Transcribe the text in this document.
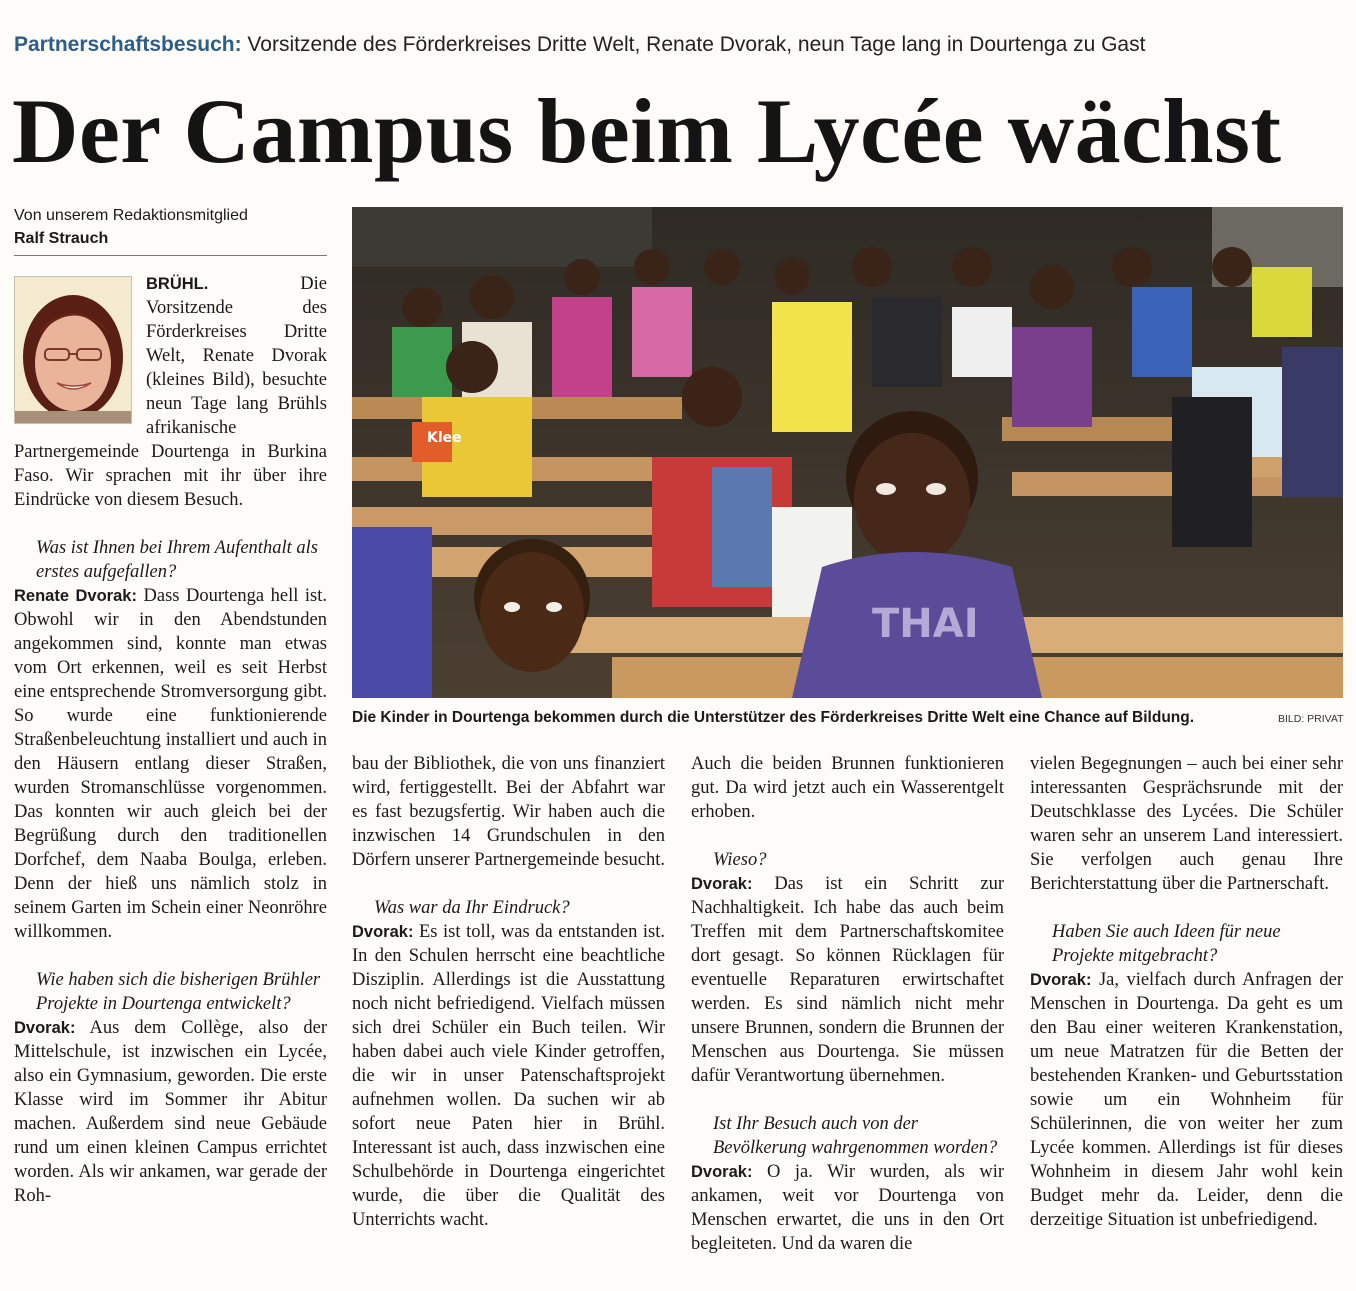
Partnerschaftsbesuch: Vorsitzende des Förderkreises Dritte Welt, Renate Dvorak, neun Tage lang in Dourtenga zu Gast
Der Campus beim Lycée wächst
Von unserem Redaktionsmitglied
Ralf Strauch

BRÜHL.	Die Vorsitzende des Förderkreises Dritte Welt, Renate Dvorak (kleines Bild), besuchte neun Tage lang Brühls afrikanische Partnergemeinde Dourtenga in Burkina Faso. Wir sprachen mit ihr über ihre Eindrücke von diesem Besuch.

Was ist Ihnen bei Ihrem Aufenthalt als erstes aufgefallen?

Renate Dvorak: Dass Dourtenga hell ist. Obwohl wir in den Abendstunden angekommen sind, konnte man etwas vom Ort erkennen, weil es seit Herbst eine entsprechende Stromversorgung gibt. So wurde eine funktionierende Straßenbeleuchtung installiert und auch in den Häusern entlang dieser Straßen, wurden Stromanschlüsse vorgenommen. Das konnten wir auch gleich bei der Begrüßung durch den traditionellen Dorfchef, dem Naaba Boulga, erleben. Denn der hieß uns nämlich stolz in seinem Garten im Schein einer Neonröhre willkommen.

Wie haben sich die bisherigen Brühler Projekte in Dourtenga entwickelt?

Dvorak: Aus dem Collège, also der Mittelschule, ist inzwischen ein Lycée, also ein Gymnasium, geworden. Die erste Klasse wird im Sommer ihr Abitur machen. Außerdem sind neue Gebäude rund um einen kleinen Campus errichtet worden. Als wir ankamen, war gerade der Roh-

THAI
Klee
Die Kinder in Dourtenga bekommen durch die Unterstützer des Förderkreises Dritte Welt eine Chance auf Bildung.	BILD: PRIVAT

bau der Bibliothek, die von uns finanziert wird, fertiggestellt. Bei der Abfahrt war es fast bezugsfertig. Wir haben auch die inzwischen 14 Grundschulen in den Dörfern unserer Partnergemeinde besucht.

Was war da Ihr Eindruck?

Dvorak: Es ist toll, was da entstanden ist. In den Schulen herrscht eine beachtliche Disziplin. Allerdings ist die Ausstattung noch nicht befriedigend. Vielfach müssen sich drei Schüler ein Buch teilen. Wir haben dabei auch viele Kinder getroffen, die wir in unser Patenschaftsprojekt aufnehmen wollen. Da suchen wir ab sofort neue Paten hier in Brühl. Interessant ist auch, dass inzwischen eine Schulbehörde in Dourtenga eingerichtet wurde, die über die Qualität des Unterrichts wacht.

Auch die beiden Brunnen funktionieren gut. Da wird jetzt auch ein Wasserentgelt erhoben.

Wieso?

Dvorak: Das ist ein Schritt zur Nachhaltigkeit. Ich habe das auch beim Treffen mit dem Partnerschaftskomitee dort gesagt. So können Rücklagen für eventuelle Reparaturen erwirtschaftet werden. Es sind nämlich nicht mehr unsere Brunnen, sondern die Brunnen der Menschen aus Dourtenga. Sie müssen dafür Verantwortung übernehmen.

Ist Ihr Besuch auch von der Bevölkerung wahrgenommen worden?

Dvorak: O ja. Wir wurden, als wir ankamen, weit vor Dourtenga von Menschen erwartet, die uns in den Ort begleiteten. Und da waren die

vielen Begegnungen – auch bei einer sehr interessanten Gesprächsrunde mit der Deutschklasse des Lycées. Die Schüler waren sehr an unserem Land interessiert. Sie verfolgen auch genau Ihre Berichterstattung über die Partnerschaft.

Haben Sie auch Ideen für neue Projekte mitgebracht?

Dvorak: Ja, vielfach durch Anfragen der Menschen in Dourtenga. Da geht es um den Bau einer weiteren Krankenstation, um neue Matratzen für die Betten der bestehenden Kranken- und Geburtsstation sowie um ein Wohnheim für Schülerinnen, die von weiter her zum Lycée kommen. Allerdings ist für dieses Wohnheim in diesem Jahr wohl kein Budget mehr da. Leider, denn die derzeitige Situation ist unbefriedigend.
